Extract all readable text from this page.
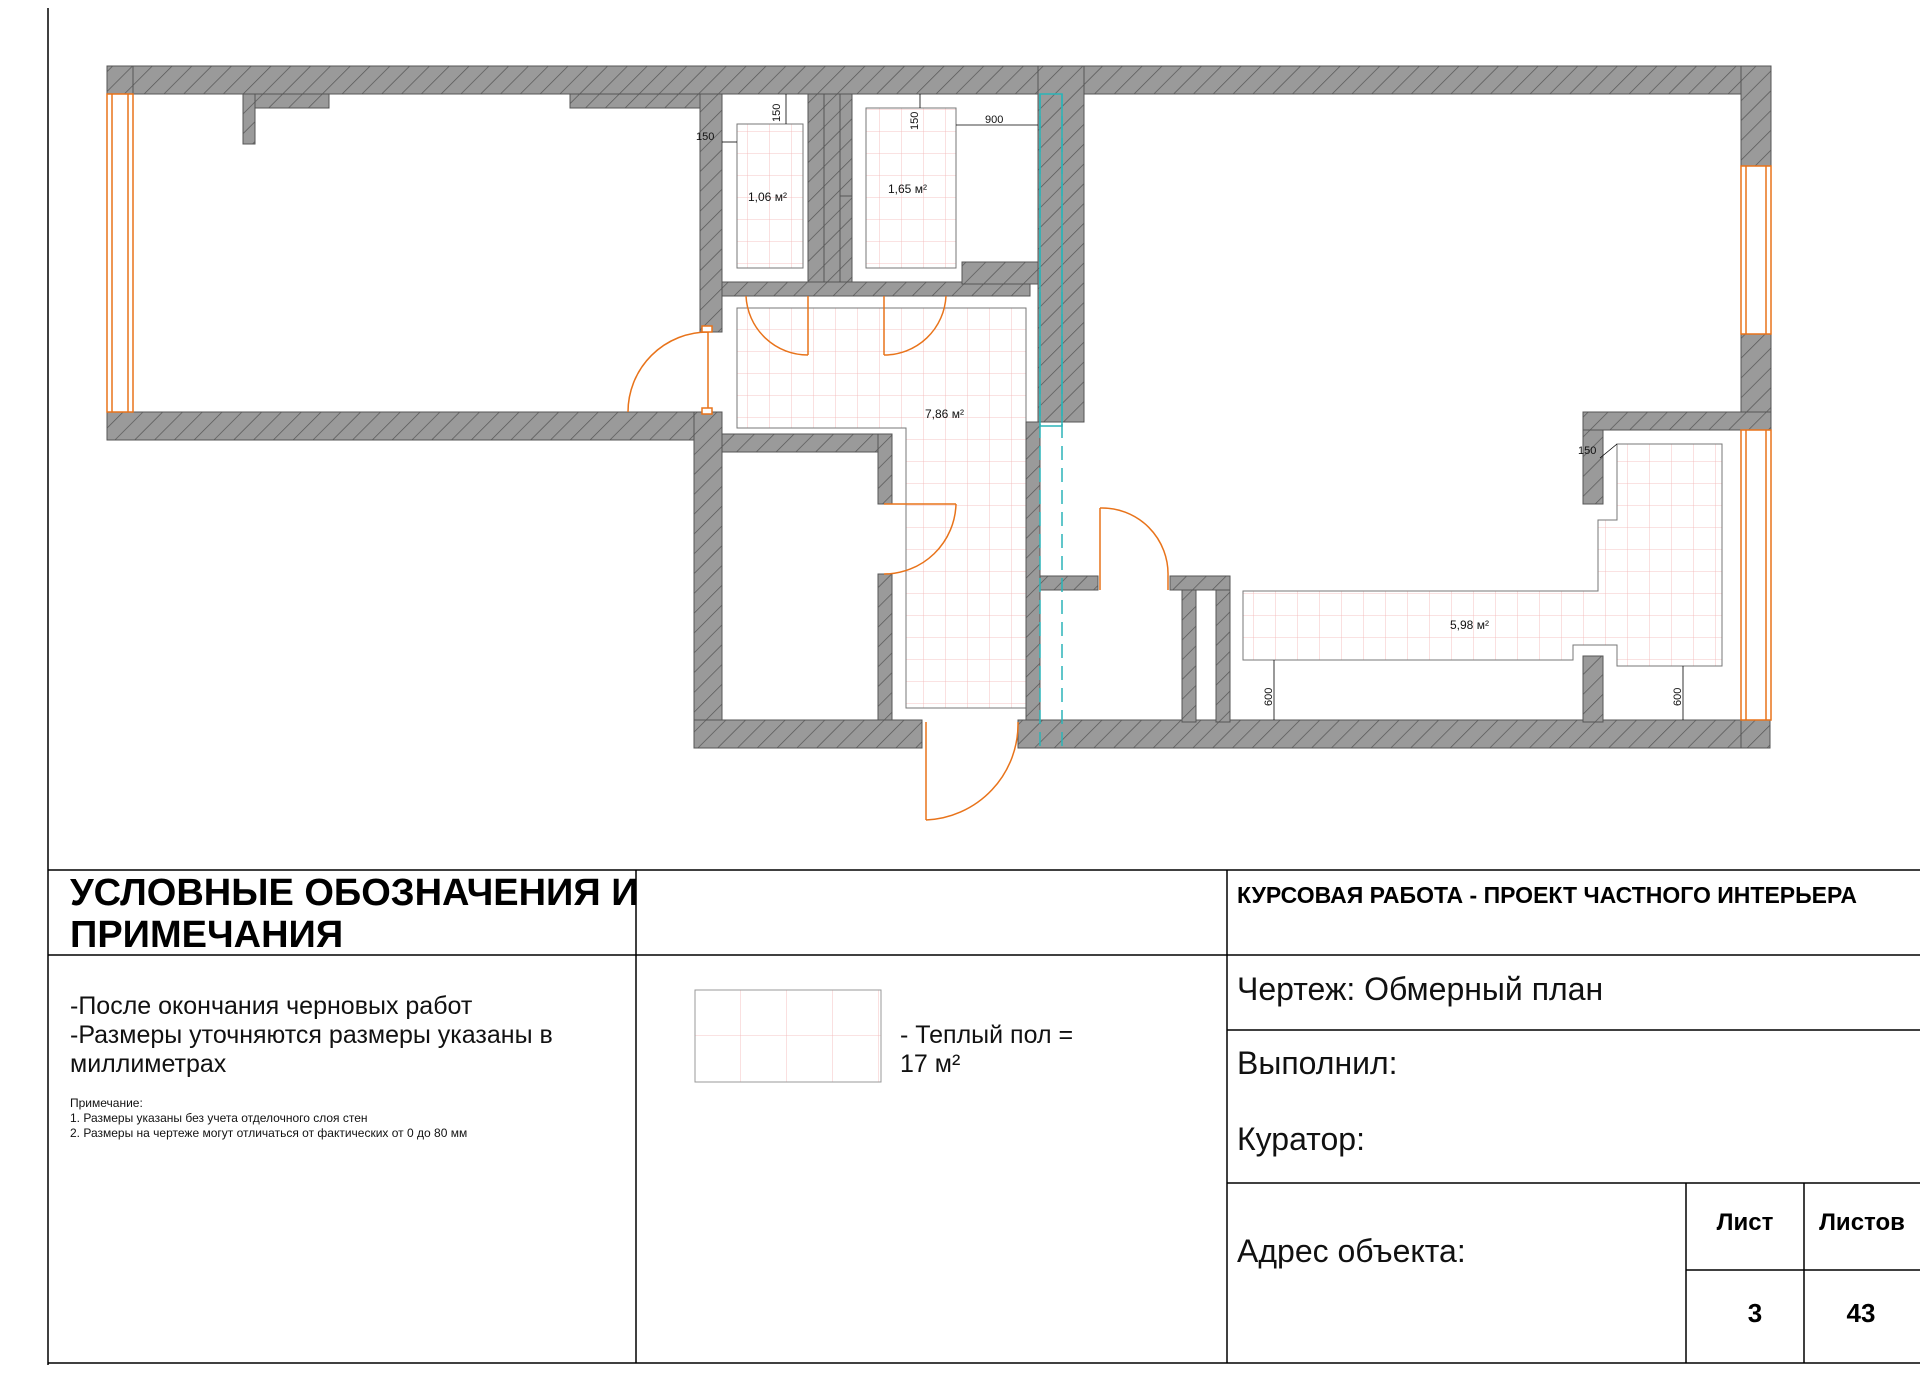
1,06 м²
1,65 м²
7,86 м²
5,98 м²
150
150	150	900
150
600	600
УСЛОВНЫЕ ОБОЗНАЧЕНИЯ И
ПРИМЕЧАНИЯ
-После окончания черновых работ
-Размеры уточняются размеры указаны в
миллиметрах
Примечание:
1. Размеры указаны без учета отделочного слоя стен
2. Размеры на чертеже могут отличаться от фактических от 0 до 80 мм
- Теплый пол =
17 м²
КУРСОВАЯ РАБОТА - ПРОЕКТ ЧАСТНОГО ИНТЕРЬЕРА
Чертеж: Обмерный план
Выполнил:
Куратор:
Адрес объекта:
Лист Листов
3	43
